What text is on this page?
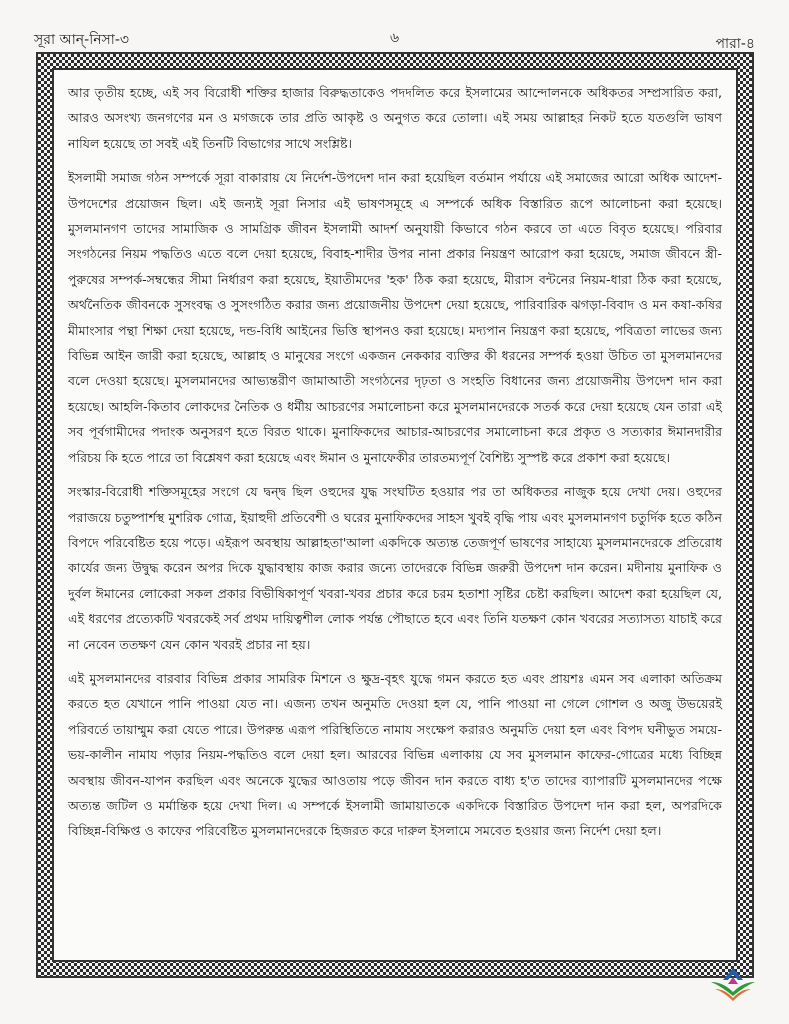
সূরা আন্-নিসা-৩	৬	পারা-৪

আর তৃতীয় হচ্ছে, এই সব বিরোধী শক্তির হাজার বিরুদ্ধতাকেও পদদলিত করে ইসলামের আন্দোলনকে অধিকতর সম্প্রসারিত করা, আরও অসংখ্য জনগণের মন ও মগজকে তার প্রতি আকৃষ্ট ও অনুগত করে তোলা। এই সময় আল্লাহর নিকট হতে যতগুলি ভাষণ নাযিল হয়েছে তা সবই এই তিনটি বিভাগের সাথে সংশ্লিষ্ট।

ইসলামী সমাজ গঠন সম্পর্কে সূরা বাকারায় যে নির্দেশ-উপদেশ দান করা হয়েছিল বর্তমান পর্যায়ে এই সমাজের আরো অধিক আদেশ-উপদেশের প্রয়োজন ছিল। এই জন্যই সূরা নিসার এই ভাষণসমূহে এ সম্পর্কে অধিক বিস্তারিত রূপে আলোচনা করা হয়েছে। মুসলমানগণ তাদের সামাজিক ও সামগ্রিক জীবন ইসলামী আদর্শ অনুযায়ী কিভাবে গঠন করবে তা এতে বিবৃত হয়েছে। পরিবার সংগঠনের নিয়ম পদ্ধতিও এতে বলে দেয়া হয়েছে, বিবাহ-শাদীর উপর নানা প্রকার নিয়ন্ত্রণ আরোপ করা হয়েছে, সমাজ জীবনে স্ত্রী-পুরুষের সম্পর্ক-সম্বন্ধের সীমা নির্ধারণ করা হয়েছে, ইয়াতীমদের 'হক' ঠিক করা হয়েছে, মীরাস বন্টনের নিয়ম-ধারা ঠিক করা হয়েছে, অর্থনৈতিক জীবনকে সুসংবদ্ধ ও সুসংগঠিত করার জন্য প্রয়োজনীয় উপদেশ দেয়া হয়েছে, পারিবারিক ঝগড়া-বিবাদ ও মন কষা-কষির মীমাংসার পন্থা শিক্ষা দেয়া হয়েছে, দন্ড-বিধি আইনের ভিত্তি স্থাপনও করা হয়েছে। মদ্যপান নিয়ন্ত্রণ করা হয়েছে, পবিত্রতা লাভের জন্য বিভিন্ন আইন জারী করা হয়েছে, আল্লাহ ও মানুষের সংগে একজন নেককার ব্যক্তির কী ধরনের সম্পর্ক হওয়া উচিত তা মুসলমানদের বলে দেওয়া হয়েছে। মুসলমানদের আভ্যন্তরীণ জামাআতী সংগঠনের দৃঢ়তা ও সংহতি বিধানের জন্য প্রয়োজনীয় উপদেশ দান করা হয়েছে। আহলি-কিতাব লোকদের নৈতিক ও ধর্মীয় আচরণের সমালোচনা করে মুসলমানদেরকে সতর্ক করে দেয়া হয়েছে যেন তারা এই সব পূর্বগামীদের পদাংক অনুসরণ হতে বিরত থাকে। মুনাফিকদের আচার-আচরণের সমালোচনা করে প্রকৃত ও সত্যকার ঈমানদারীর পরিচয় কি হতে পারে তা বিশ্লেষণ করা হয়েছে এবং ঈমান ও মুনাফেকীর তারতম্যপূর্ণ বৈশিষ্ট্য সুস্পষ্ট করে প্রকাশ করা হয়েছে।

সংস্কার-বিরোধী শক্তিসমূহের সংগে যে দ্বন্দ্ব ছিল ওহুদের যুদ্ধ সংঘটিত হওয়ার পর তা অধিকতর নাজুক হয়ে দেখা দেয়। ওহুদের পরাজয়ে চতুষ্পার্শস্থ মুশরিক গোত্র, ইয়াহুদী প্রতিবেশী ও ঘরের মুনাফিকদের সাহস খুবই বৃদ্ধি পায় এবং মুসলমানগণ চতুর্দিক হতে কঠিন বিপদে পরিবেষ্টিত হয়ে পড়ে। এইরূপ অবস্থায় আল্লাহতা'আলা একদিকে অত্যন্ত তেজপূর্ণ ভাষণের সাহায্যে মুসলমানদেরকে প্রতিরোধ কার্যের জন্য উদ্বুদ্ধ করেন অপর দিকে যুদ্ধাবস্থায় কাজ করার জন্যে তাদেরকে বিভিন্ন জরুরী উপদেশ দান করেন। মদীনায় মুনাফিক ও দুর্বল ঈমানের লোকেরা সকল প্রকার বিভীষিকাপূর্ণ খবরা-খবর প্রচার করে চরম হতাশা সৃষ্টির চেষ্টা করছিল। আদেশ করা হয়েছিল যে, এই ধরণের প্রত্যেকটি খবরকেই সর্ব প্রথম দায়িত্বশীল লোক পর্যন্ত পৌছাতে হবে এবং তিনি যতক্ষণ কোন খবরের সত্যাসত্য যাচাই করে না নেবেন ততক্ষণ যেন কোন খবরই প্রচার না হয়।

এই মুসলমানদের বারবার বিভিন্ন প্রকার সামরিক মিশনে ও ক্ষুদ্র-বৃহৎ যুদ্ধে গমন করতে হত এবং প্রায়শঃ এমন সব এলাকা অতিক্রম করতে হত যেখানে পানি পাওয়া যেত না। এজন্য তখন অনুমতি দেওয়া হল যে, পানি পাওয়া না গেলে গোশল ও অজু উভয়েরই পরিবর্তে তায়াম্মুম করা যেতে পারে। উপরুন্ত এরূপ পরিস্থিতিতে নামায সংক্ষেপ করারও অনুমতি দেয়া হল এবং বিপদ ঘনীভুত সময়ে-ভয়-কালীন নামায পড়ার নিয়ম-পদ্ধতিও বলে দেয়া হল। আরবের বিভিন্ন এলাকায় যে সব মুসলমান কাফের-গোত্রের মধ্যে বিচ্ছিন্ন অবস্থায় জীবন-যাপন করছিল এবং অনেকে যুদ্ধের আওতায় পড়ে জীবন দান করতে বাধ্য হ'ত তাদের ব্যাপারটি মুসলমানদের পক্ষে অত্যন্ত জটিল ও মর্মান্তিক হয়ে দেখা দিল। এ সম্পর্কে ইসলামী জামায়াতকে একদিকে বিস্তারিত উপদেশ দান করা হল, অপরদিকে বিচ্ছিন্ন-বিক্ষিপ্ত ও কাফের পরিবেষ্টিত মুসলমানদেরকে হিজরত করে দারুল ইসলামে সমবেত হওয়ার জন্য নির্দেশ দেয়া হল।
